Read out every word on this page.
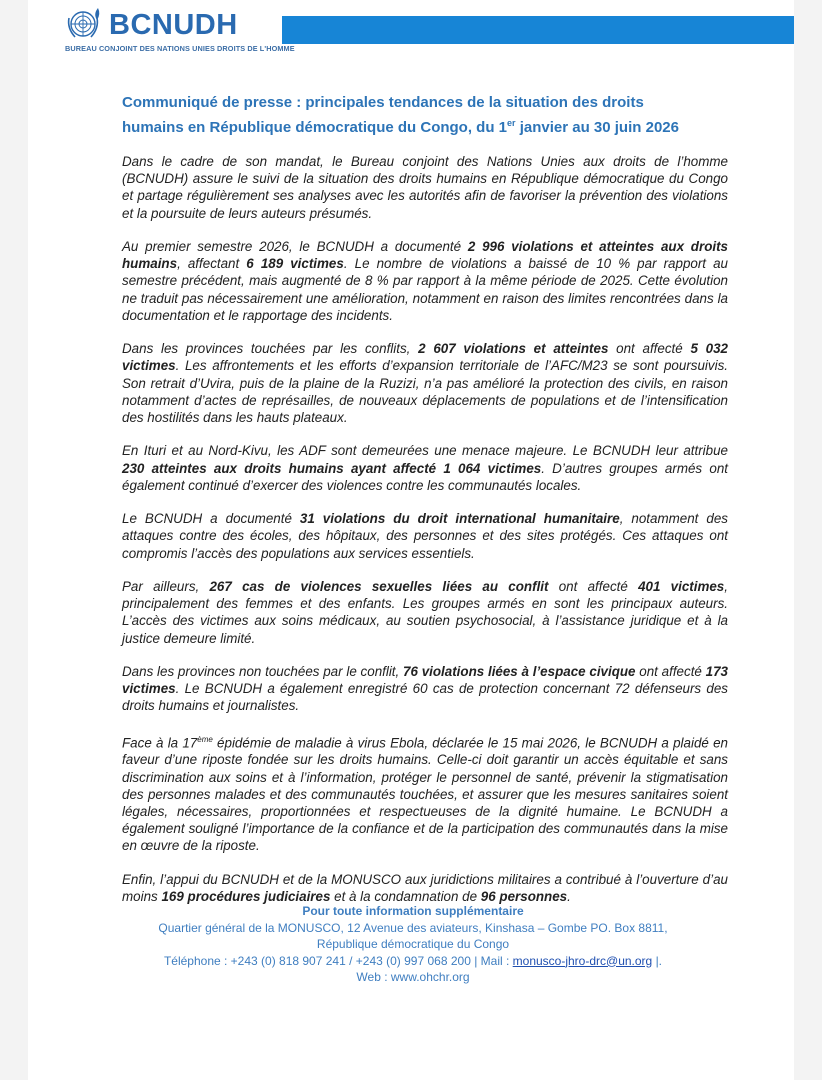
BCNUDH
BUREAU CONJOINT DES NATIONS UNIES DROITS DE L'HOMME
Communiqué de presse : principales tendances de la situation des droits
humains en République démocratique du Congo, du 1er janvier au 30 juin 2026

Dans le cadre de son mandat, le Bureau conjoint des Nations Unies aux droits de l’homme (BCNUDH) assure le suivi de la situation des droits humains en République démocratique du Congo et partage régulièrement ses analyses avec les autorités afin de favoriser la prévention des violations et la poursuite de leurs auteurs présumés.

Au premier semestre 2026, le BCNUDH a documenté 2 996 violations et atteintes aux droits humains, affectant 6 189 victimes. Le nombre de violations a baissé de 10 % par rapport au semestre précédent, mais augmenté de 8 % par rapport à la même période de 2025. Cette évolution ne traduit pas nécessairement une amélioration, notamment en raison des limites rencontrées dans la documentation et le rapportage des incidents.

Dans les provinces touchées par les conflits, 2 607 violations et atteintes ont affecté 5 032 victimes. Les affrontements et les efforts d’expansion territoriale de l’AFC/M23 se sont poursuivis. Son retrait d’Uvira, puis de la plaine de la Ruzizi, n’a pas amélioré la protection des civils, en raison notamment d’actes de représailles, de nouveaux déplacements de populations et de l’intensification des hostilités dans les hauts plateaux.

En Ituri et au Nord-Kivu, les ADF sont demeurées une menace majeure. Le BCNUDH leur attribue 230 atteintes aux droits humains ayant affecté 1 064 victimes. D’autres groupes armés ont également continué d’exercer des violences contre les communautés locales.

Le BCNUDH a documenté 31 violations du droit international humanitaire, notamment des attaques contre des écoles, des hôpitaux, des personnes et des sites protégés. Ces attaques ont compromis l’accès des populations aux services essentiels.

Par ailleurs, 267 cas de violences sexuelles liées au conflit ont affecté 401 victimes, principalement des femmes et des enfants. Les groupes armés en sont les principaux auteurs. L’accès des victimes aux soins médicaux, au soutien psychosocial, à l’assistance juridique et à la justice demeure limité.

Dans les provinces non touchées par le conflit, 76 violations liées à l’espace civique ont affecté 173 victimes. Le BCNUDH a également enregistré 60 cas de protection concernant 72 défenseurs des droits humains et journalistes.

Face à la 17ème épidémie de maladie à virus Ebola, déclarée le 15 mai 2026, le BCNUDH a plaidé en faveur d’une riposte fondée sur les droits humains. Celle-ci doit garantir un accès équitable et sans discrimination aux soins et à l’information, protéger le personnel de santé, prévenir la stigmatisation des personnes malades et des communautés touchées, et assurer que les mesures sanitaires soient légales, nécessaires, proportionnées et respectueuses de la dignité humaine. Le BCNUDH a également souligné l’importance de la confiance et de la participation des communautés dans la mise en œuvre de la riposte.

Enfin, l’appui du BCNUDH et de la MONUSCO aux juridictions militaires a contribué à l’ouverture d’au moins 169 procédures judiciaires et à la condamnation de 96 personnes.

Pour toute information supplémentaire
Quartier général de la MONUSCO, 12 Avenue des aviateurs, Kinshasa – Gombe PO. Box 8811,
République démocratique du Congo
Téléphone : +243 (0) 818 907 241 / +243 (0) 997 068 200 | Mail : monusco-jhro-drc@un.org |.
Web : www.ohchr.org
